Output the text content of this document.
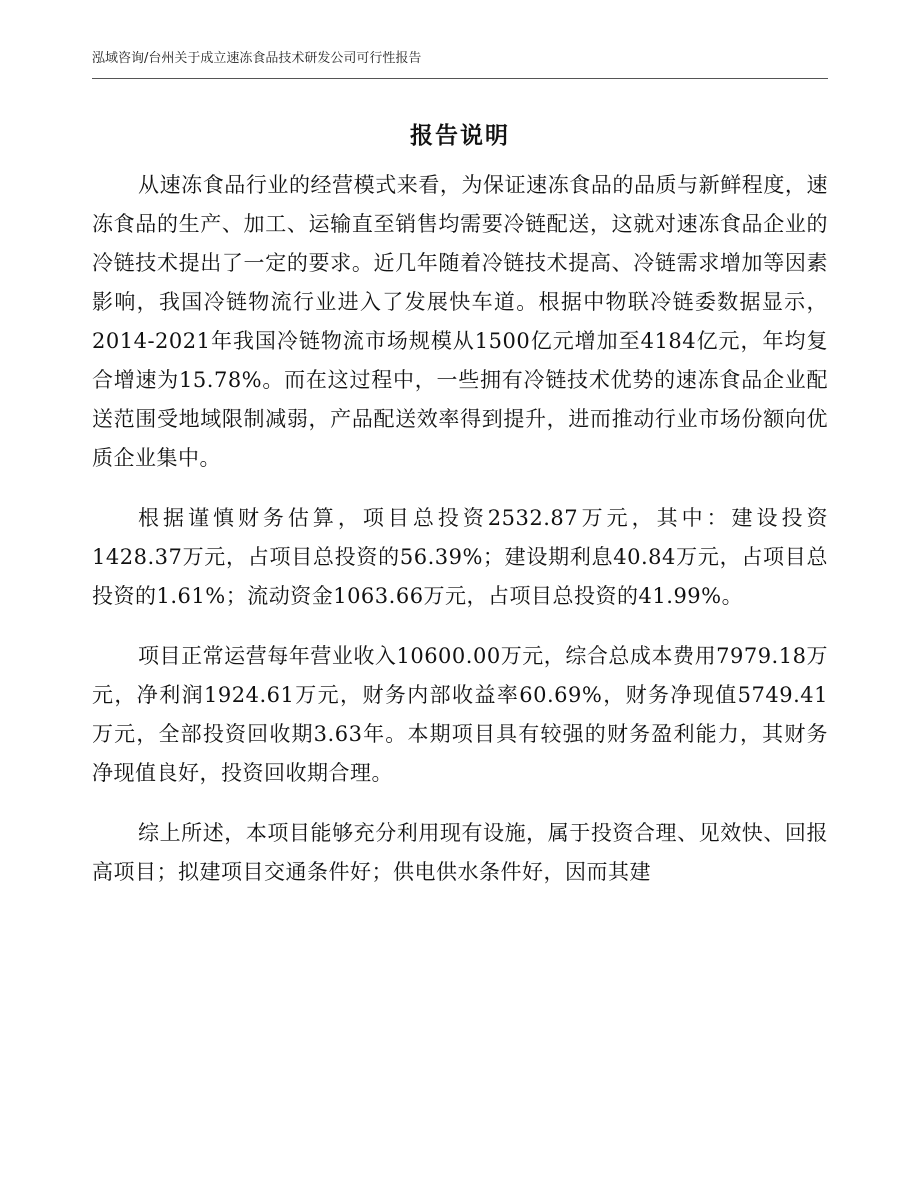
泓域咨询/台州关于成立速冻食品技术研发公司可行性报告
报告说明

从速冻食品行业的经营模式来看，为保证速冻食品的品质与新鲜程度，速冻食品的生产、加工、运输直至销售均需要冷链配送，这就对速冻食品企业的冷链技术提出了一定的要求。近几年随着冷链技术提高、冷链需求增加等因素影响，我国冷链物流行业进入了发展快车道。根据中物联冷链委数据显示，2014-2021年我国冷链物流市场规模从1500亿元增加至4184亿元，年均复合增速为15.78%。而在这过程中，一些拥有冷链技术优势的速冻食品企业配送范围受地域限制减弱，产品配送效率得到提升，进而推动行业市场份额向优质企业集中。

根据谨慎财务估算，项目总投资2532.87万元，其中：建设投资1428.37万元，占项目总投资的56.39%；建设期利息40.84万元，占项目总投资的1.61%；流动资金1063.66万元，占项目总投资的41.99%。

项目正常运营每年营业收入10600.00万元，综合总成本费用7979.18万元，净利润1924.61万元，财务内部收益率60.69%，财务净现值5749.41万元，全部投资回收期3.63年。本期项目具有较强的财务盈利能力，其财务净现值良好，投资回收期合理。

综上所述，本项目能够充分利用现有设施，属于投资合理、见效快、回报高项目；拟建项目交通条件好；供电供水条件好，因而其建
